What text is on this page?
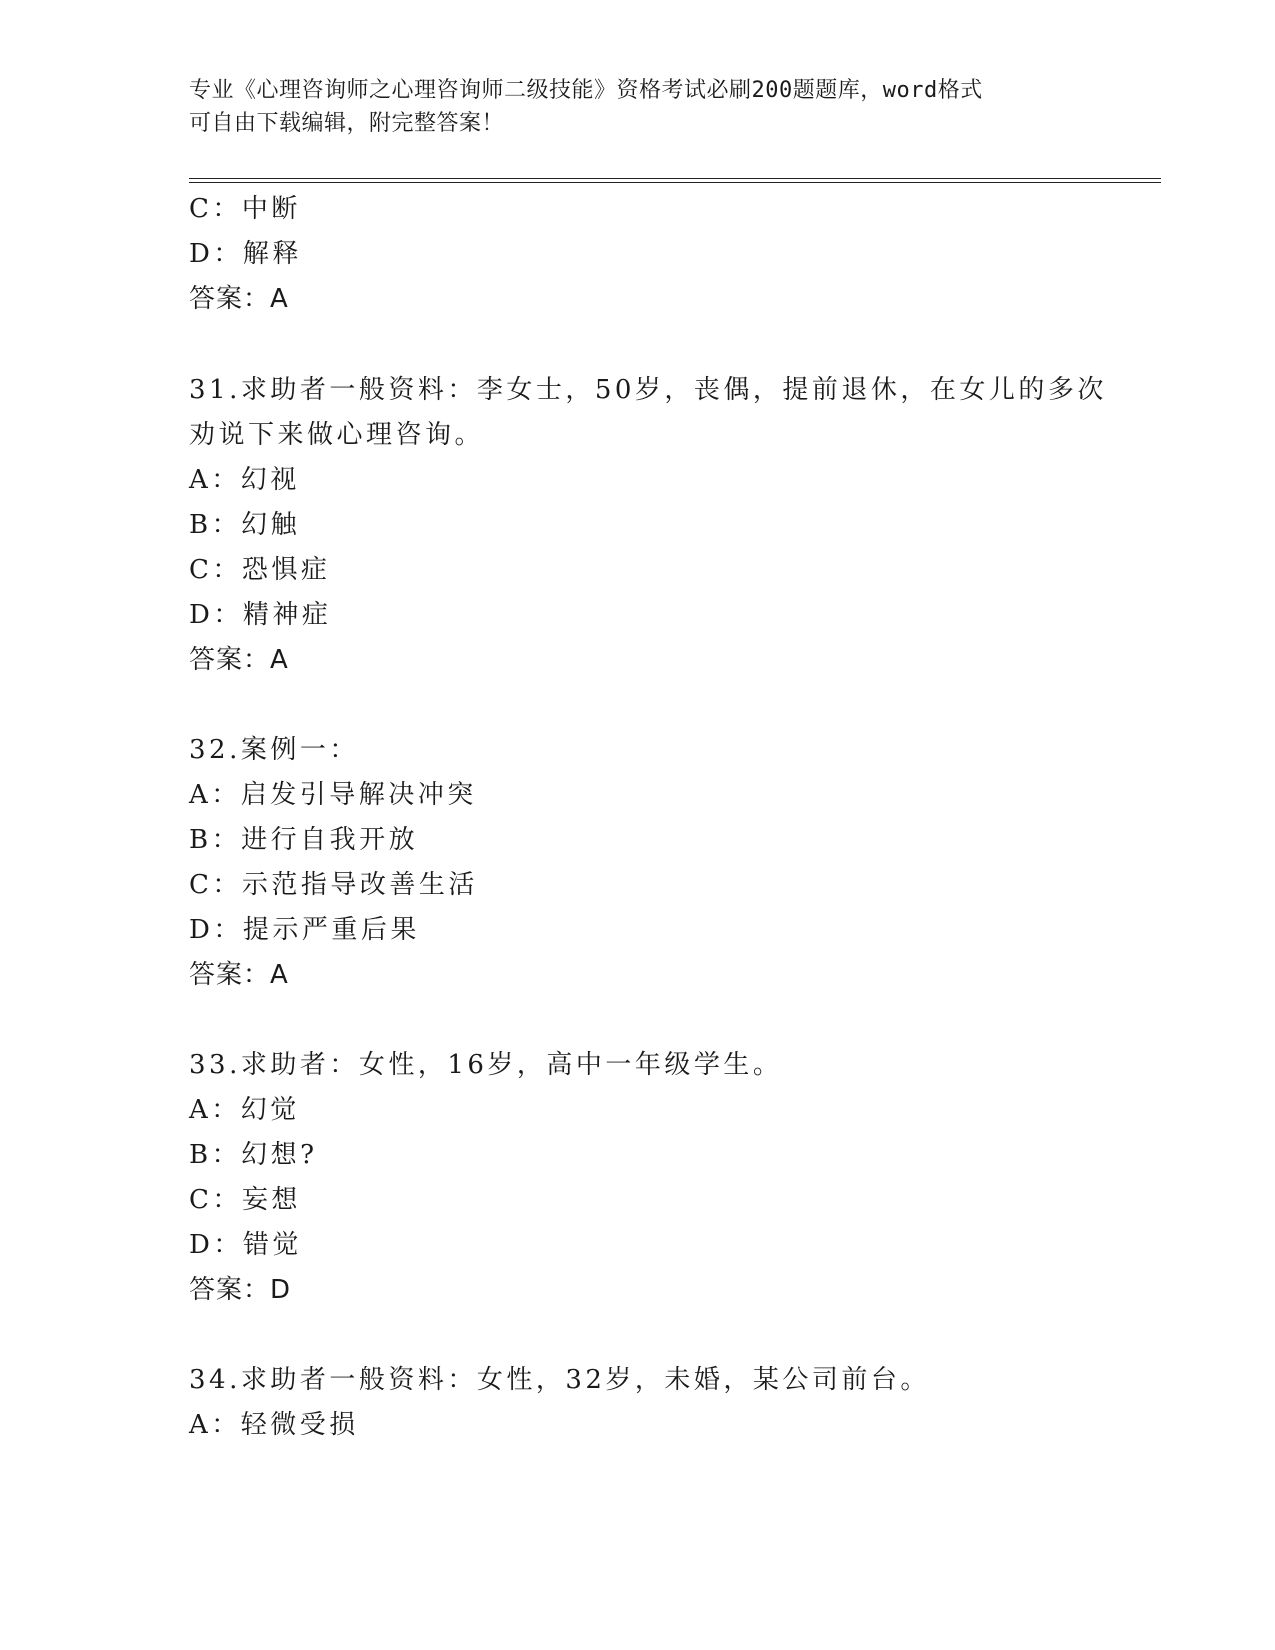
专业《心理咨询师之心理咨询师二级技能》资格考试必刷200题题库，word格式
可自由下载编辑，附完整答案！
C：中断
D：解释
答案：A
31.求助者一般资料：李女士，50岁，丧偶，提前退休，在女儿的多次
劝说下来做心理咨询。
A：幻视
B：幻触
C：恐惧症
D：精神症
答案：A
32.案例一：
A：启发引导解决冲突
B：进行自我开放
C：示范指导改善生活
D：提示严重后果
答案：A
33.求助者：女性，16岁，高中一年级学生。
A：幻觉
B：幻想?
C：妄想
D：错觉
答案：D
34.求助者一般资料：女性，32岁，未婚，某公司前台。
A：轻微受损
